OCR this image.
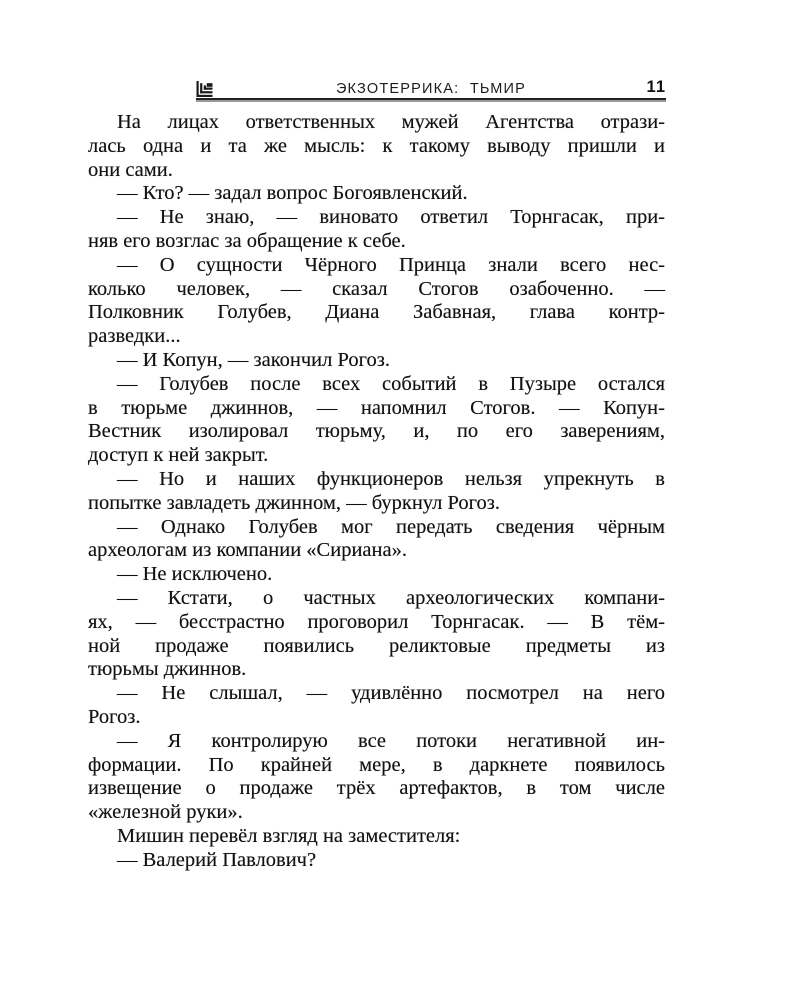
ЭКЗОТЕРРИКА:  ТЬМИР	11
На лицах ответственных мужей Агентства отрази-
лась одна и та же мысль: к такому выводу пришли и
они сами.
— Кто? — задал вопрос Богоявленский.
— Не знаю, — виновато ответил Торнгасак, при-
няв его возглас за обращение к себе.
— О сущности Чёрного Принца знали всего нес-
колько человек, — сказал Стогов озабоченно. —
Полковник Голубев, Диана Забавная, глава контр-
разведки...
— И Копун, — закончил Рогоз.
— Голубев после всех событий в Пузыре остался
в тюрьме джиннов, — напомнил Стогов. — Копун-
Вестник изолировал тюрьму, и, по его заверениям,
доступ к ней закрыт.
— Но и наших функционеров нельзя упрекнуть в
попытке завладеть джинном, — буркнул Рогоз.
— Однако Голубев мог передать сведения чёрным
археологам из компании «Сириана».
— Не исключено.
— Кстати, о частных археологических компани-
ях, — бесстрастно проговорил Торнгасак. — В тём-
ной продаже появились реликтовые предметы из
тюрьмы джиннов.
— Не слышал, — удивлённо посмотрел на него
Рогоз.
— Я контролирую все потоки негативной ин-
формации. По крайней мере, в даркнете появилось
извещение о продаже трёх артефактов, в том числе
«железной руки».
Мишин перевёл взгляд на заместителя:
— Валерий Павлович?
